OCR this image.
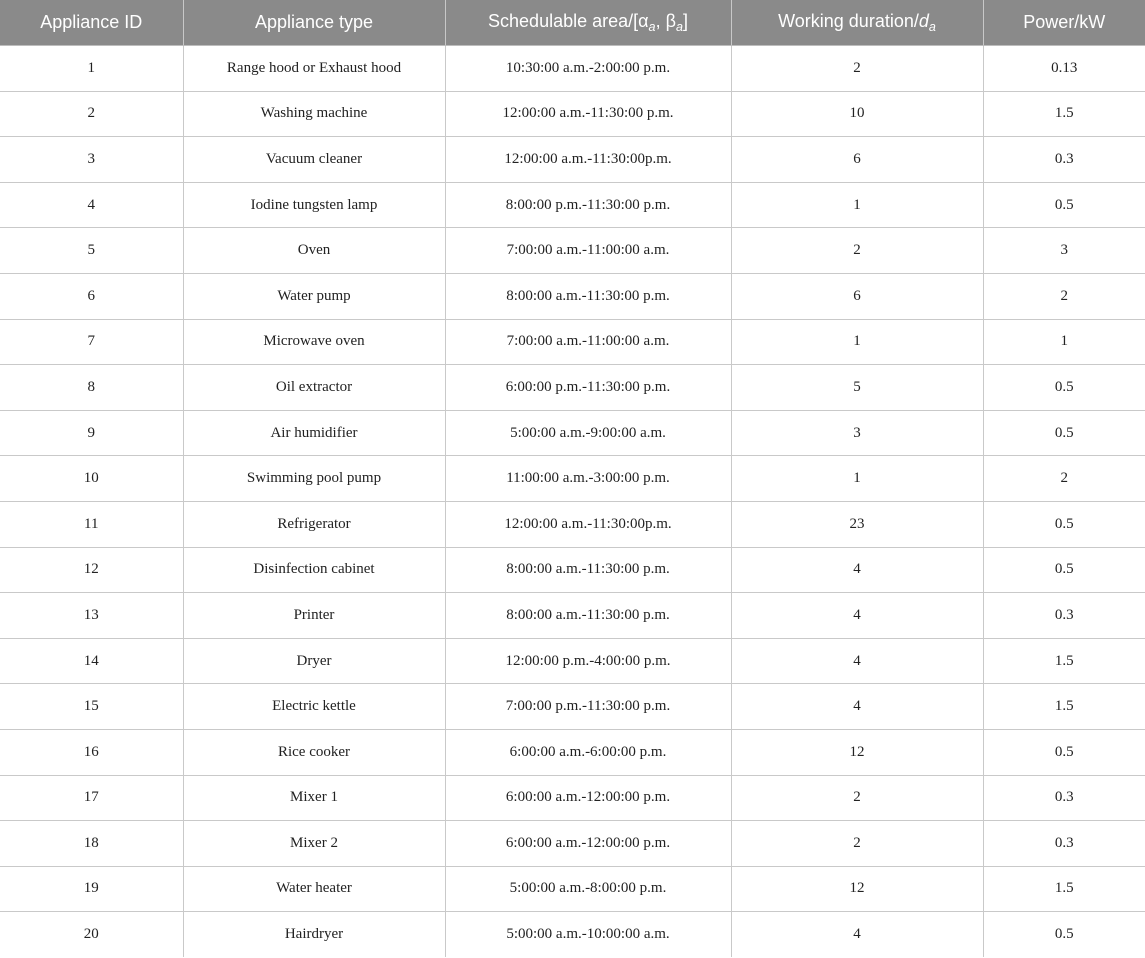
Appliance ID	Appliance type	Schedulable area/[$\alpha_a$, $\beta_a$]	Working duration/$d_a$	Power/kW
1	Range hood or Exhaust hood	10:30:00 a.m.-2:00:00 p.m.	2	0.13
2	Washing machine	12:00:00 a.m.-11:30:00 p.m.	10	1.5
3	Vacuum cleaner	12:00:00 a.m.-11:30:00p.m.	6	0.3
4	Iodine tungsten lamp	8:00:00 p.m.-11:30:00 p.m.	1	0.5
5	Oven	7:00:00 a.m.-11:00:00 a.m.	2	3
6	Water pump	8:00:00 a.m.-11:30:00 p.m.	6	2
7	Microwave oven	7:00:00 a.m.-11:00:00 a.m.	1	1
8	Oil extractor	6:00:00 p.m.-11:30:00 p.m.	5	0.5
9	Air humidifier	5:00:00 a.m.-9:00:00 a.m.	3	0.5
10	Swimming pool pump	11:00:00 a.m.-3:00:00 p.m.	1	2
11	Refrigerator	12:00:00 a.m.-11:30:00p.m.	23	0.5
12	Disinfection cabinet	8:00:00 a.m.-11:30:00 p.m.	4	0.5
13	Printer	8:00:00 a.m.-11:30:00 p.m.	4	0.3
14	Dryer	12:00:00 p.m.-4:00:00 p.m.	4	1.5
15	Electric kettle	7:00:00 p.m.-11:30:00 p.m.	4	1.5
16	Rice cooker	6:00:00 a.m.-6:00:00 p.m.	12	0.5
17	Mixer 1	6:00:00 a.m.-12:00:00 p.m.	2	0.3
18	Mixer 2	6:00:00 a.m.-12:00:00 p.m.	2	0.3
19	Water heater	5:00:00 a.m.-8:00:00 p.m.	12	1.5
20	Hairdryer	5:00:00 a.m.-10:00:00 a.m.	4	0.5
